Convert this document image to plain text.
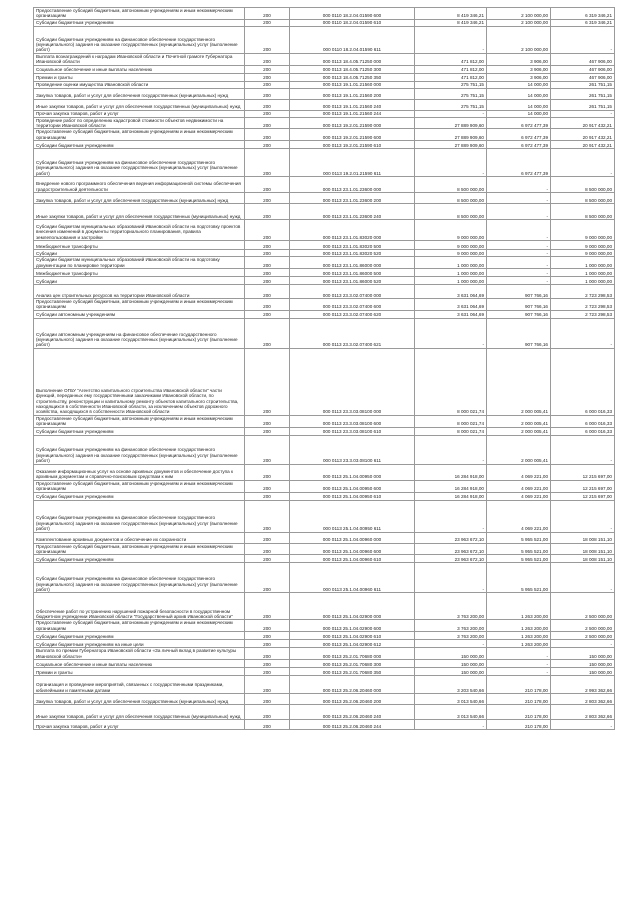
Предоставление субсидий бюджетным, автономным учреждениям и иным некоммерческим организациям	200	000 0110 18.2.04.01590 600	8 419 346,21	2 100 000,00	6 319 346,21
Субсидии бюджетным учреждениям	200	000 0110 18.2.04.01590 610	8 419 346,21	2 100 000,00	6 319 346,21
Субсидии бюджетным учреждениям на финансовое обеспечение государственного (муниципального) задания на оказание государственных (муниципальных) услуг (выполнение работ)	200	000 0110 18.2.04.01590 611	-	2 100 000,00	-
Выплата вознаграждений к наградам Ивановской области и Почетной грамоте Губернатора Ивановской области	200	000 0113 18.4.05.71250 000	471 812,00	3 906,00	467 906,00
Социальное обеспечение и иные выплаты населению	200	000 0113 18.4.05.71250 300	471 812,00	3 906,00	467 906,00
Премии и гранты	200	000 0113 18.4.05.71250 350	471 812,00	3 906,00	467 906,00
Проведение оценки имущества Ивановской области	200	000 0113 19.1.01.21560 000	275 751,15	14 000,00	261 751,15
Закупка товаров, работ и услуг для обеспечения государственных (муниципальных) нужд	200	000 0113 19.1.01.21560 200	275 751,15	14 000,00	261 751,15
Иные закупки товаров, работ и услуг для обеспечения государственных (муниципальных) нужд	200	000 0113 19.1.01.21560 240	275 751,15	14 000,00	261 751,15
Прочая закупка товаров, работ и услуг	200	000 0113 19.1.01.21560 244	-	14 000,00	-
Проведение работ по определению кадастровой стоимости объектов недвижимости на территории Ивановской области	200	000 0113 19.2.01.21590 000	27 889 909,60	6 972 477,39	20 917 432,21
Предоставление субсидий бюджетным, автономным учреждениям и иным некоммерческим организациям	200	000 0113 19.2.01.21590 600	27 889 909,60	6 972 477,39	20 917 432,21
Субсидии бюджетным учреждениям	200	000 0113 19.2.01.21590 610	27 889 909,60	6 972 477,39	20 917 432,21
Субсидии бюджетным учреждениям на финансовое обеспечение государственного (муниципального) задания на оказание государственных (муниципальных) услуг (выполнение работ)	200	000 0113 19.2.01.21590 611	-	6 972 477,39	-
Внедрение нового программного обеспечения ведения информационной системы обеспечения градостроительной деятельности	200	000 0113 23.1.01.23600 000	8 500 000,00	-	8 500 000,00
Закупка товаров, работ и услуг для обеспечения государственных (муниципальных) нужд	200	000 0113 23.1.01.23600 200	8 500 000,00	-	8 500 000,00
Иные закупки товаров, работ и услуг для обеспечения государственных (муниципальных) нужд	200	000 0113 23.1.01.23600 240	8 500 000,00	-	8 500 000,00
Субсидии бюджетам муниципальных образований Ивановской области на подготовку проектов внесения изменений в документы территориального планирования, правила землепользования и застройки	200	000 0113 23.1.01.83020 000	9 000 000,00	-	9 000 000,00
Межбюджетные трансферты	200	000 0113 23.1.01.83020 500	9 000 000,00	-	9 000 000,00
Субсидии	200	000 0113 23.1.01.83020 520	9 000 000,00	-	9 000 000,00
Субсидии бюджетам муниципальных образований Ивановской области на подготовку документации по планировке территории	200	000 0113 23.1.01.86000 000	1 000 000,00	-	1 000 000,00
Межбюджетные трансферты	200	000 0113 23.1.01.86000 500	1 000 000,00	-	1 000 000,00
Субсидии	200	000 0113 23.1.01.86000 520	1 000 000,00	-	1 000 000,00
Анализ цен строительных ресурсов на территории Ивановской области	200	000 0113 23.3.02.07400 000	3 631 064,69	907 766,16	2 723 298,53
Предоставление субсидий бюджетным, автономным учреждениям и иным некоммерческим организациям	200	000 0113 23.3.02.07400 600	3 631 064,69	907 766,16	2 723 298,53
Субсидии автономным учреждениям	200	000 0113 23.3.02.07400 620	3 631 064,69	907 766,16	2 723 298,53
Субсидии автономным учреждениям на финансовое обеспечение государственного (муниципального) задания на оказание государственных (муниципальных) услуг (выполнение работ)	200	000 0113 23.3.02.07400 621	-	907 766,16	-
Выполнение ОГБУ "Агентство капитального строительства Ивановской области" части функций, переданных ему государственными заказчиками Ивановской области, по строительству, реконструкции и капитальному ремонту объектов капитального строительства, находящихся в собственности Ивановской области, за исключением объектов дорожного хозяйства, находящихся в собственности Ивановской области	200	000 0113 23.3.03.08100 000	8 000 021,74	2 000 005,41	6 000 016,33
Предоставление субсидий бюджетным, автономным учреждениям и иным некоммерческим организациям	200	000 0113 23.3.03.08100 600	8 000 021,74	2 000 005,41	6 000 016,33
Субсидии бюджетным учреждениям	200	000 0113 23.3.03.08100 610	8 000 021,74	2 000 005,41	6 000 016,33
Субсидии бюджетным учреждениям на финансовое обеспечение государственного (муниципального) задания на оказание государственных (муниципальных) услуг (выполнение работ)	200	000 0113 23.3.03.08100 611	-	2 000 005,41	-
Оказание информационных услуг на основе архивных документов и обеспечение доступа к архивным документам и справочно-поисковым средствам к ним	200	000 0113 25.1.04.00950 000	16 284 918,00	4 069 221,00	12 215 697,00
Предоставление субсидий бюджетным, автономным учреждениям и иным некоммерческим организациям	200	000 0113 25.1.04.00950 600	16 284 918,00	4 069 221,00	12 215 697,00
Субсидии бюджетным учреждениям	200	000 0113 25.1.04.00950 610	16 284 918,00	4 069 221,00	12 215 697,00
Субсидии бюджетным учреждениям на финансовое обеспечение государственного (муниципального) задания на оказание государственных (муниципальных) услуг (выполнение работ)	200	000 0113 25.1.04.00950 611	-	4 069 221,00	-
Комплектование архивных документов и обеспечение их сохранности	200	000 0113 25.1.04.00960 000	23 963 672,10	5 955 521,00	18 008 151,10
Предоставление субсидий бюджетным, автономным учреждениям и иным некоммерческим организациям	200	000 0113 25.1.04.00960 600	23 963 672,10	5 955 521,00	18 008 151,10
Субсидии бюджетным учреждениям	200	000 0113 25.1.04.00960 610	23 963 672,10	5 955 521,00	18 008 151,10
Субсидии бюджетным учреждениям на финансовое обеспечение государственного (муниципального) задания на оказание государственных (муниципальных) услуг (выполнение работ)	200	000 0113 25.1.04.00960 611	-	5 955 521,00	-
Обеспечение работ по устранению нарушений пожарной безопасности в государственном бюджетном учреждении Ивановской области "Государственный архив Ивановской области"	200	000 0113 25.1.04.02900 000	3 763 200,00	1 263 200,00	2 500 000,00
Предоставление субсидий бюджетным, автономным учреждениям и иным некоммерческим организациям	200	000 0113 25.1.04.02900 600	3 763 200,00	1 263 200,00	2 500 000,00
Субсидии бюджетным учреждениям	200	000 0113 25.1.04.02900 610	3 763 200,00	1 263 200,00	2 500 000,00
Субсидии бюджетным учреждениям на иные цели	200	000 0113 25.1.04.02900 612	-	1 263 200,00	-
Выплата по премии Губернатора Ивановской области «За личный вклад в развитие культуры Ивановской области»	200	000 0113 25.2.01.70680 000	150 000,00	-	150 000,00
Социальное обеспечение и иные выплаты населению	200	000 0113 25.2.01.70680 300	150 000,00	-	150 000,00
Премии и гранты	200	000 0113 25.2.01.70680 350	150 000,00	-	150 000,00
Организация и проведение мероприятий, связанных с государственными праздниками, юбилейными и памятными датами	200	000 0113 25.2.06.20460 000	3 203 540,66	210 178,00	2 993 362,66
Закупка товаров, работ и услуг для обеспечения государственных (муниципальных) нужд	200	000 0113 25.2.06.20460 200	3 013 540,66	210 178,00	2 803 362,66
Иные закупки товаров, работ и услуг для обеспечения государственных (муниципальных) нужд	200	000 0113 25.2.06.20460 240	3 013 540,66	210 178,00	2 803 362,66
Прочая закупка товаров, работ и услуг	200	000 0113 25.2.06.20460 244	-	210 178,00	-
